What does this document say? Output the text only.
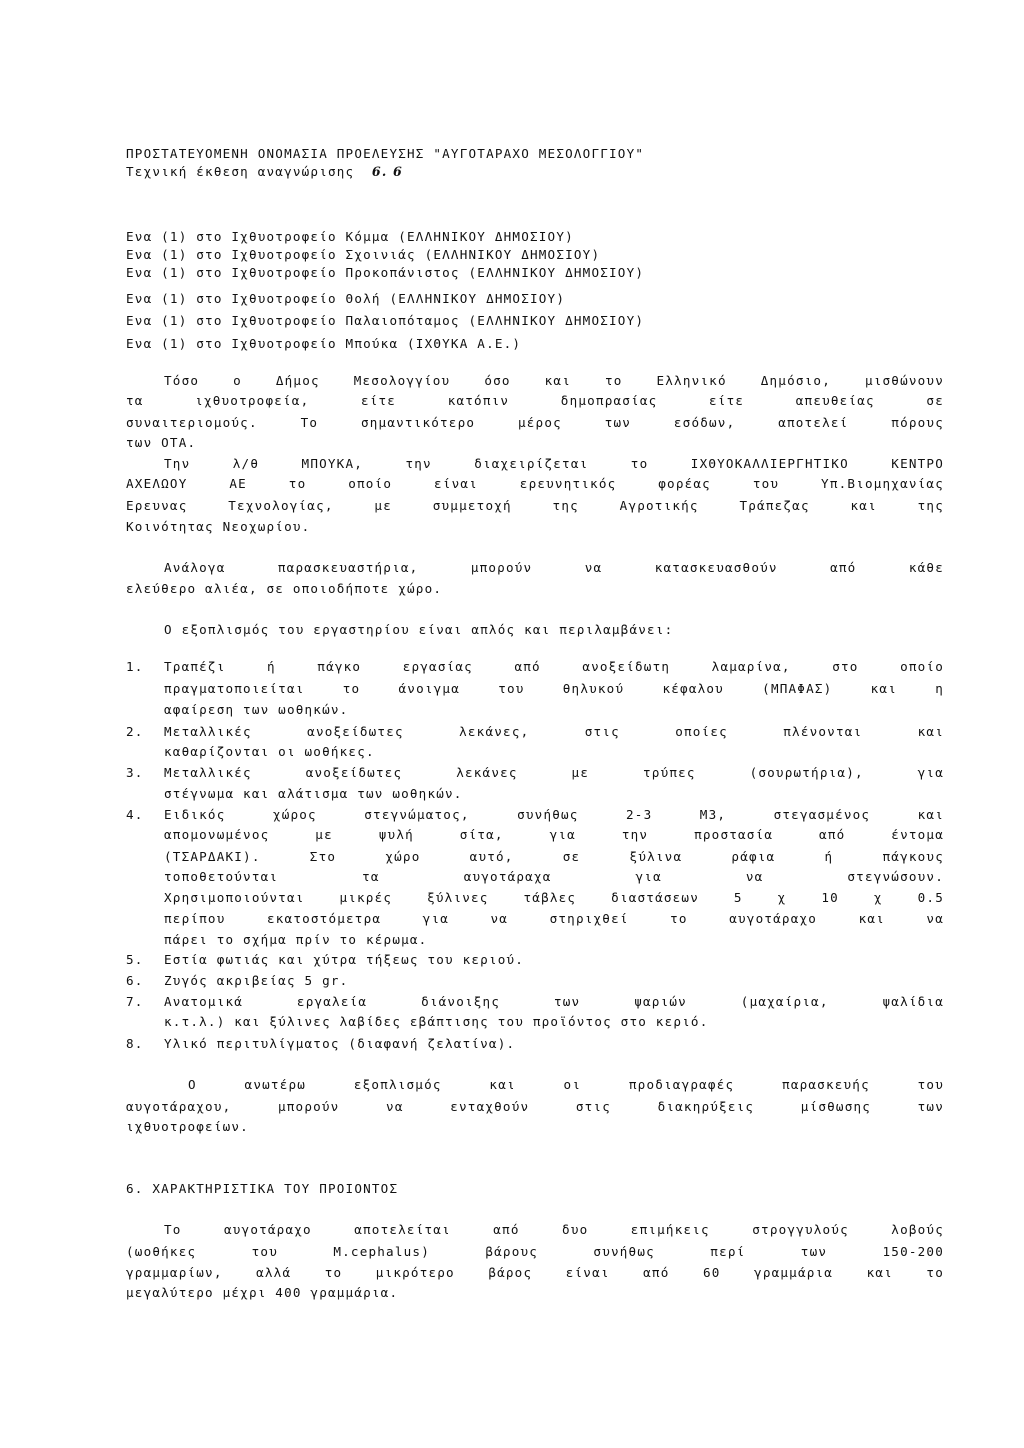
ΠΡΟΣΤΑΤΕΥΟΜΕΝΗ ΟΝΟΜΑΣΙΑ ΠΡΟΕΛΕΥΣΗΣ "ΑΥΓΟΤΑΡΑΧΟ ΜΕΣΟΛΟΓΓΙΟΥ"
Τεχνική έκθεση αναγνώρισης 6. 6
Ενα (1) στο Ιχθυοτροφείο Κόμμα (ΕΛΛΗΝΙΚΟΥ ΔΗΜΟΣΙΟΥ)
Ενα (1) στο Ιχθυοτροφείο Σχοινιάς (ΕΛΛΗΝΙΚΟΥ ΔΗΜΟΣΙΟΥ)
Ενα (1) στο Ιχθυοτροφείο Προκοπάνιστος (ΕΛΛΗΝΙΚΟΥ ΔΗΜΟΣΙΟΥ)
Ενα (1) στο Ιχθυοτροφείο Θολή (ΕΛΛΗΝΙΚΟΥ ΔΗΜΟΣΙΟΥ)
Ενα (1) στο Ιχθυοτροφείο Παλαιοπόταμος (ΕΛΛΗΝΙΚΟΥ ΔΗΜΟΣΙΟΥ)
Ενα (1) στο Ιχθυοτροφείο Μπούκα (ΙΧΘΥΚΑ Α.Ε.)
Τόσο ο Δήμος Μεσολογγίου όσο και το Ελληνικό Δημόσιο, μισθώνουν
τα ιχθυοτροφεία, είτε κατόπιν δημοπρασίας είτε απευθείας σε
συναιτεριομούς. Το σημαντικότερο μέρος των εσόδων, αποτελεί πόρους
των ΟΤΑ.
Την λ/θ ΜΠΟΥΚΑ, την διαχειρίζεται το ΙΧΘΥΟΚΑΛΛΙΕΡΓΗΤΙΚΟ ΚΕΝΤΡΟ
ΑΧΕΛΩΟΥ ΑΕ το οποίο είναι ερευνητικός φορέας του Υπ.Βιομηχανίας
Ερευνας Τεχνολογίας, με συμμετοχή της Αγροτικής Τράπεζας και της
Κοινότητας Νεοχωρίου.
Ανάλογα παρασκευαστήρια, μπορούν να κατασκευασθούν από κάθε
ελεύθερο αλιέα, σε οποιοδήποτε χώρο.
Ο εξοπλισμός του εργαστηρίου είναι απλός και περιλαμβάνει:
1. Τραπέζι ή πάγκο εργασίας από ανοξείδωτη λαμαρίνα, στο οποίο
πραγματοποιείται το άνοιγμα του θηλυκού κέφαλου (ΜΠΑΦΑΣ) και η
αφαίρεση των ωοθηκών.
2. Μεταλλικές ανοξείδωτες λεκάνες, στις οποίες πλένονται και
καθαρίζονται οι ωοθήκες.
3. Μεταλλικές ανοξείδωτες λεκάνες με τρύπες (σουρωτήρια), για
στέγνωμα και αλάτισμα των ωοθηκών.
4. Ειδικός χώρος στεγνώματος, συνήθως 2-3 Μ3, στεγασμένος και
απομονωμένος με ψυλή σίτα, για την προστασία από έντομα
(ΤΣΑΡΔΑΚΙ). Στο χώρο αυτό, σε ξύλινα ράφια ή πάγκους
τοποθετούνται τα αυγοτάραχα για να στεγνώσουν.
Χρησιμοποιούνται μικρές ξύλινες τάβλες διαστάσεων 5 χ 10 χ 0.5
περίπου εκατοστόμετρα για να στηριχθεί το αυγοτάραχο και να
πάρει το σχήμα πρίν το κέρωμα.
5. Εστία φωτιάς και χύτρα τήξεως του κεριού.
6. Ζυγός ακριβείας 5 gr.
7. Ανατομικά εργαλεία διάνοιξης των ψαριών (μαχαίρια, ψαλίδια
κ.τ.λ.) και ξύλινες λαβίδες εβάπτισης του προϊόντος στο κεριό.
8. Υλικό περιτυλίγματος (διαφανή ζελατίνα).
Ο ανωτέρω εξοπλισμός και οι προδιαγραφές παρασκευής του
αυγοτάραχου, μπορούν να ενταχθούν στις διακηρύξεις μίσθωσης των
ιχθυοτροφείων.
6. ΧΑΡΑΚΤΗΡΙΣΤΙΚΑ ΤΟΥ ΠΡΟΙΟΝΤΟΣ
Το αυγοτάραχο αποτελείται από δυο επιμήκεις στρογγυλούς λοβούς
(ωοθήκες του M.cephalus) βάρους συνήθως περί των 150-200
γραμμαρίων, αλλά το μικρότερο βάρος είναι από 60 γραμμάρια και το
μεγαλύτερο μέχρι 400 γραμμάρια.
